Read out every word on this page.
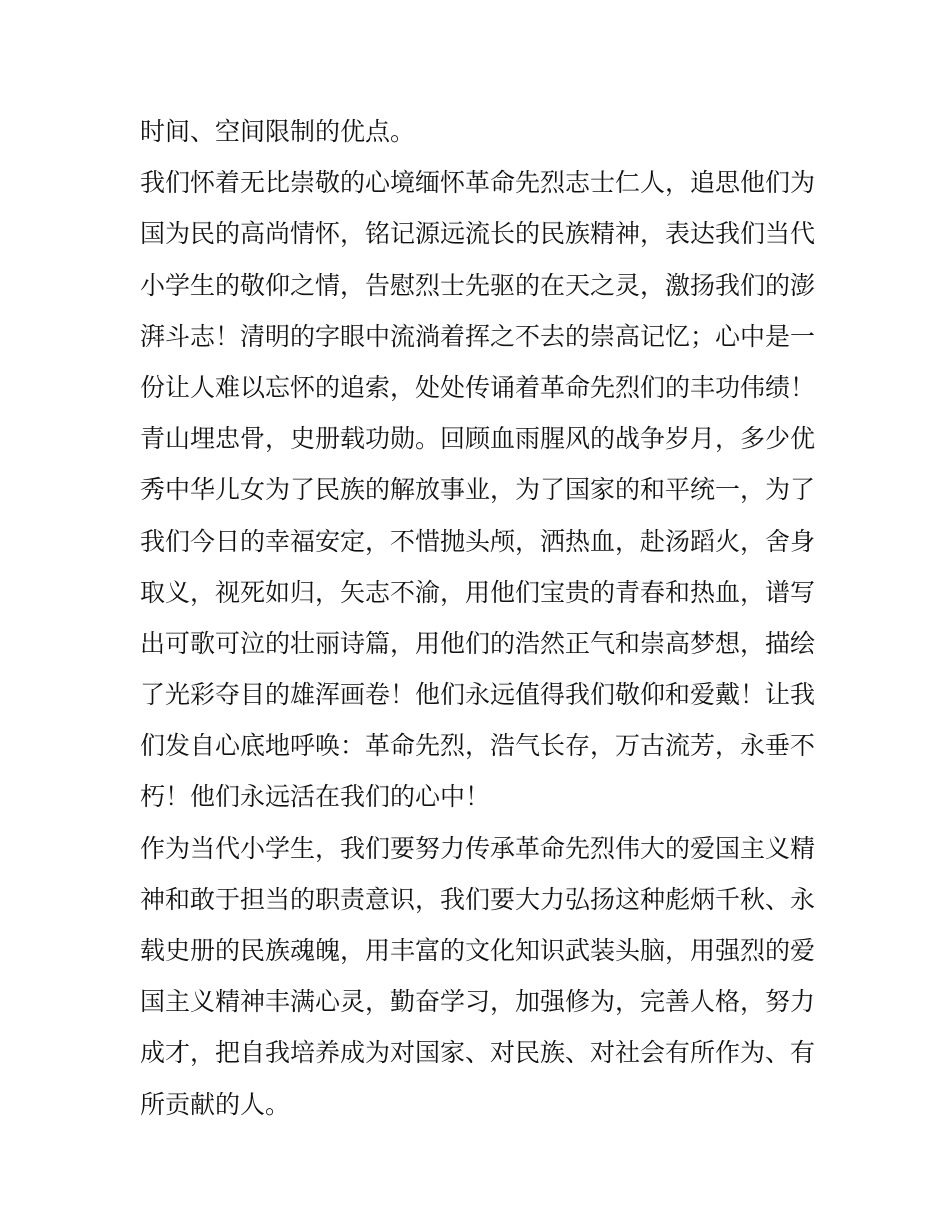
时间、空间限制的优点。
我们怀着无比崇敬的心境缅怀革命先烈志士仁人，追思他们为
国为民的高尚情怀，铭记源远流长的民族精神，表达我们当代
小学生的敬仰之情，告慰烈士先驱的在天之灵，激扬我们的澎
湃斗志！清明的字眼中流淌着挥之不去的崇高记忆；心中是一
份让人难以忘怀的追索，处处传诵着革命先烈们的丰功伟绩！
青山埋忠骨，史册载功勋。回顾血雨腥风的战争岁月，多少优
秀中华儿女为了民族的解放事业，为了国家的和平统一，为了
我们今日的幸福安定，不惜抛头颅，洒热血，赴汤蹈火，舍身
取义，视死如归，矢志不渝，用他们宝贵的青春和热血，谱写
出可歌可泣的壮丽诗篇，用他们的浩然正气和崇高梦想，描绘
了光彩夺目的雄浑画卷！他们永远值得我们敬仰和爱戴！让我
们发自心底地呼唤：革命先烈，浩气长存，万古流芳，永垂不
朽！他们永远活在我们的心中！
作为当代小学生，我们要努力传承革命先烈伟大的爱国主义精
神和敢于担当的职责意识，我们要大力弘扬这种彪炳千秋、永
载史册的民族魂魄，用丰富的文化知识武装头脑，用强烈的爱
国主义精神丰满心灵，勤奋学习，加强修为，完善人格，努力
成才，把自我培养成为对国家、对民族、对社会有所作为、有
所贡献的人。
